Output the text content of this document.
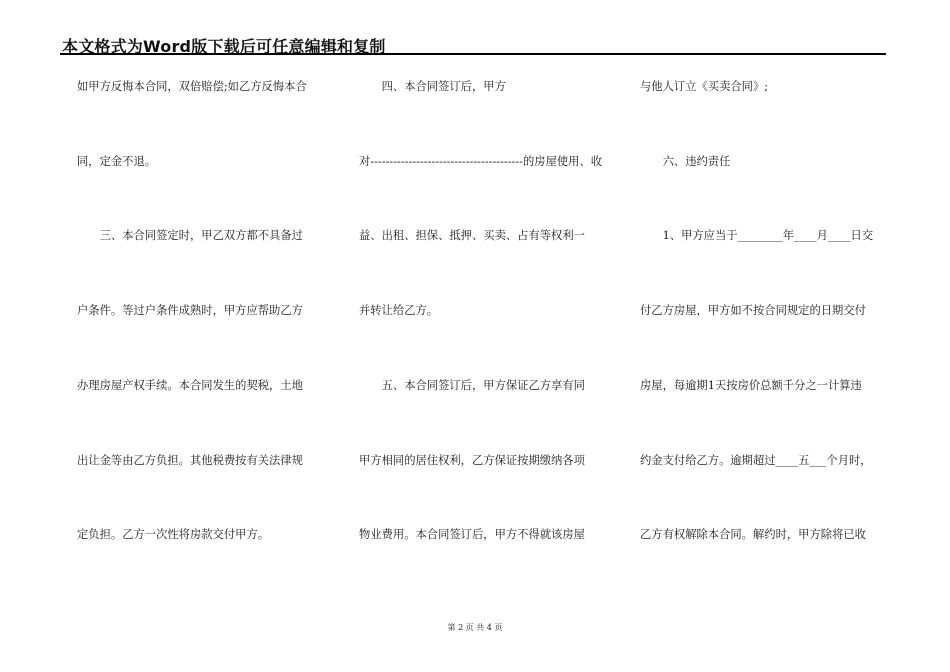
本文格式为Word版下载后可任意编辑和复制
如甲方反悔本合同，双倍赔偿;如乙方反悔本合
同，定金不退。
　　三、本合同签定时，甲乙双方都不具备过
户条件。等过户条件成熟时，甲方应帮助乙方
办理房屋产权手续。本合同发生的契税，土地
出让金等由乙方负担。其他税费按有关法律规
定负担。乙方一次性将房款交付甲方。
　　四、本合同签订后，甲方
对----------------------------------------的房屋使用、收
益、出租、担保、抵押、买卖、占有等权利一
并转让给乙方。
　　五、本合同签订后，甲方保证乙方享有同
甲方相同的居住权利，乙方保证按期缴纳各项
物业费用。本合同签订后，甲方不得就该房屋
与他人订立《买卖合同》;
　　六、违约责任
　　1、甲方应当于________年____月____日交
付乙方房屋，甲方如不按合同规定的日期交付
房屋，每逾期1天按房价总额千分之一计算违
约金支付给乙方。逾期超过____五___个月时，
乙方有权解除本合同。解约时，甲方除将已收
第 2 页 共 4 页
